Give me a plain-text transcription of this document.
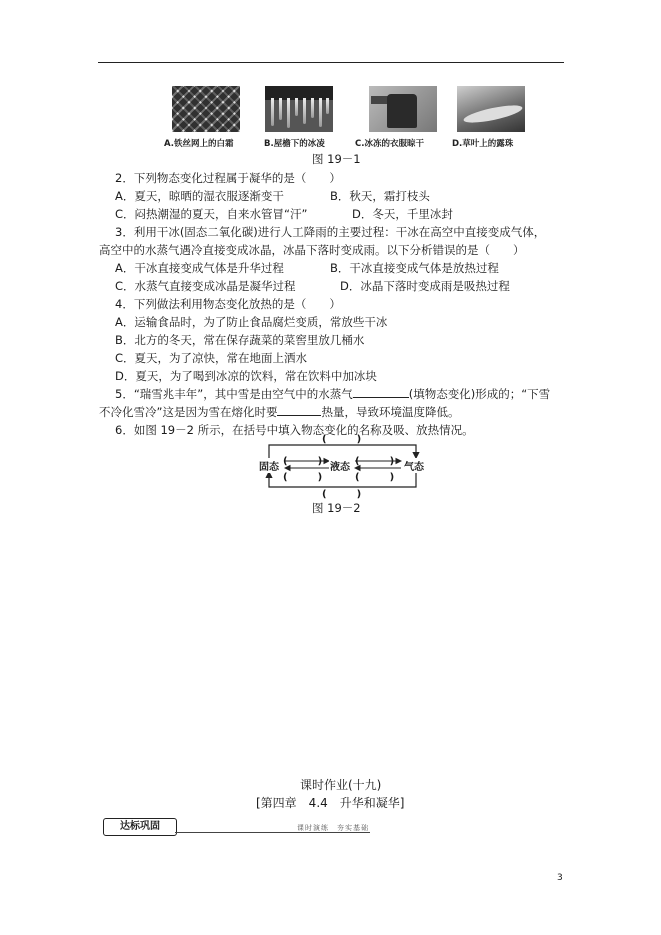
A.铁丝网上的白霜	B.屋檐下的冰凌	C.冰冻的衣服晾干	D.草叶上的露珠
图 19－1
2．下列物态变化过程属于凝华的是（　　）
A．夏天，晾晒的湿衣服逐渐变干	B．秋天，霜打枝头
C．闷热潮湿的夏天，自来水管冒“汗”	D．冬天，千里冰封
3．利用干冰(固态二氧化碳)进行人工降雨的主要过程：干冰在高空中直接变成气体，
高空中的水蒸气遇冷直接变成冰晶，冰晶下落时变成雨。以下分析错误的是（　　）
A．干冰直接变成气体是升华过程	B．干冰直接变成气体是放热过程
C．水蒸气直接变成冰晶是凝华过程	D．冰晶下落时变成雨是吸热过程
4．下列做法利用物态变化放热的是（　　）
A．运输食品时，为了防止食品腐烂变质，常放些干冰
B．北方的冬天，常在保存蔬菜的菜窖里放几桶水
C．夏天，为了凉快，常在地面上洒水
D．夏天，为了喝到冰凉的饮料，常在饮料中加冰块
5．“瑞雪兆丰年”，其中雪是由空气中的水蒸气	(填物态变化)形成的；“下雪
不冷化雪冷”这是因为雪在熔化时要	热量，导致环境温度降低。
6．如图 19－2 所示，在括号中填入物态变化的名称及吸、放热情况。
固态	液态	气态
(　　　)
(　　　)
(　　　)
(　　　)
(　　　)
(　　　)
图 19－2
课时作业(十九)
[第四章　4.4　升华和凝华]
达标巩固	课时演练　夯实基础
3
